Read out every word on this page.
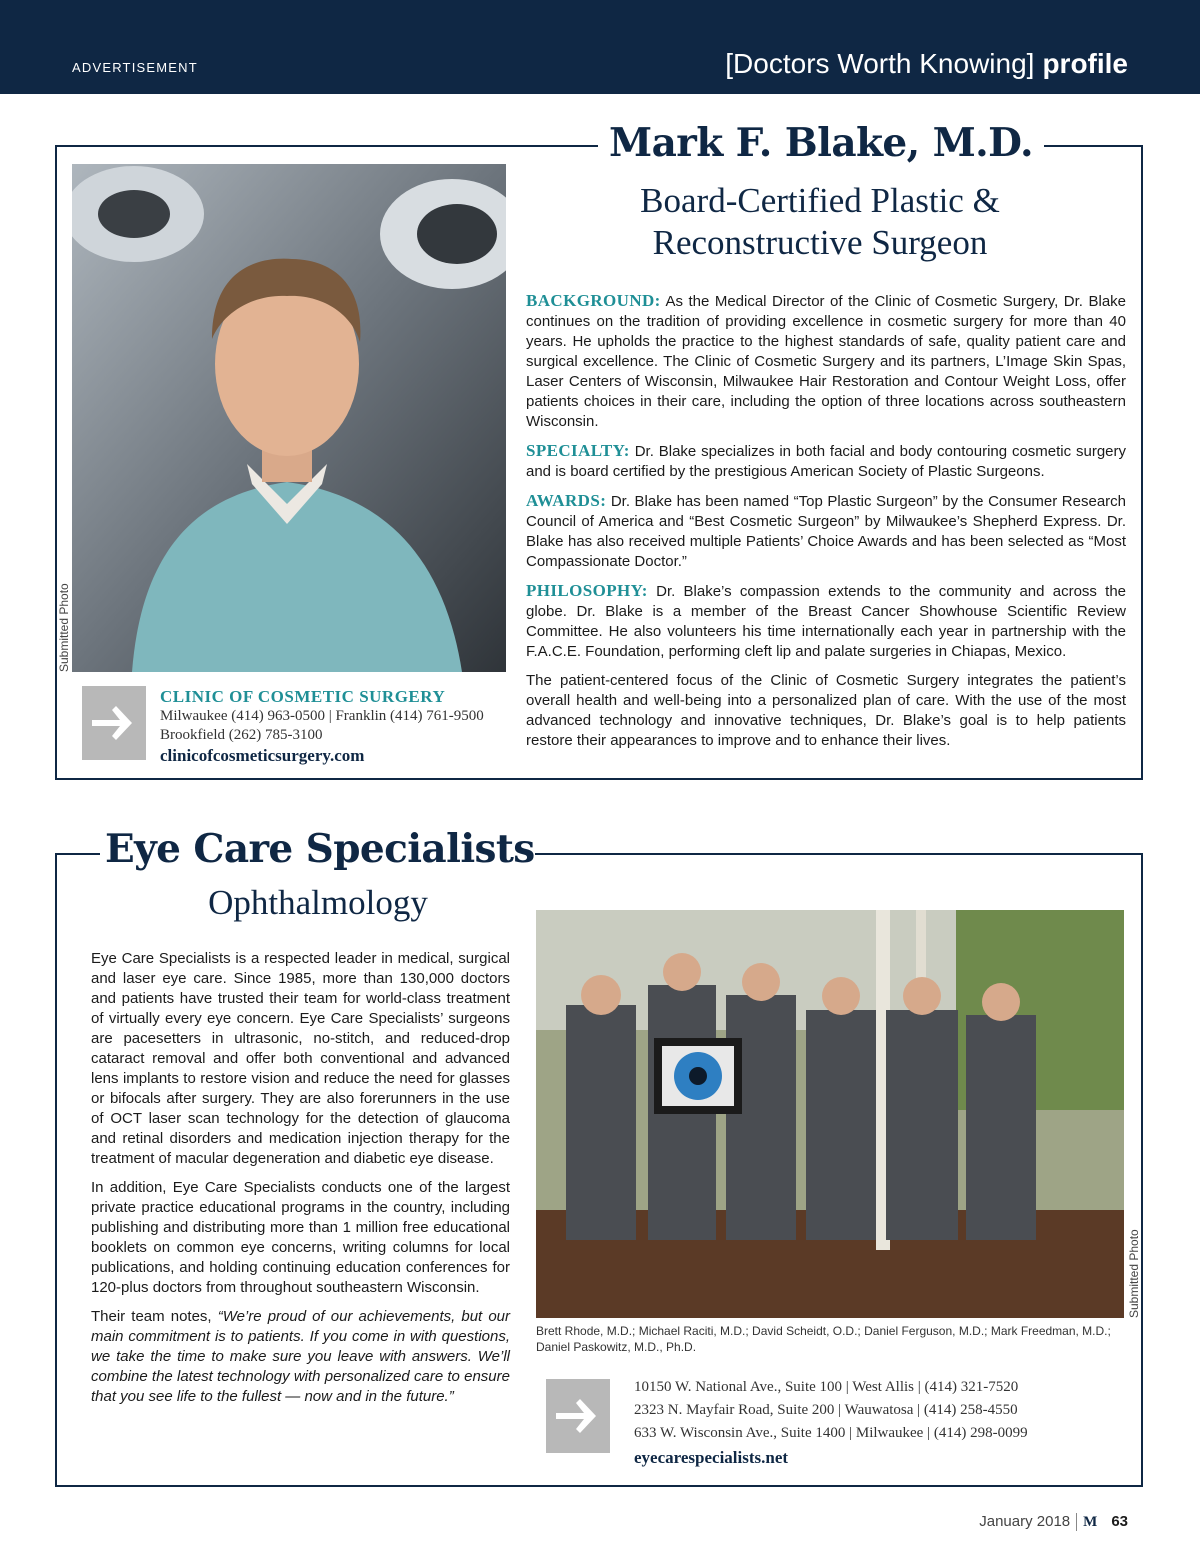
ADVERTISEMENT	[Doctors Worth Knowing] profile
Mark F. Blake, M.D.
Board-Certified Plastic &
Reconstructive Surgeon
Submitted Photo

BACKGROUND: As the Medical Director of the Clinic of Cosmetic Surgery, Dr. Blake continues on the tradition of providing excellence in cosmetic surgery for more than 40 years. He upholds the practice to the highest standards of safe, quality patient care and surgical excellence. The Clinic of Cosmetic Surgery and its partners, L’Image Skin Spas, Laser Centers of Wisconsin, Milwaukee Hair Restoration and Contour Weight Loss, offer patients choices in their care, including the option of three locations across southeastern Wisconsin.

SPECIALTY: Dr. Blake specializes in both facial and body contouring cosmetic surgery and is board certified by the prestigious American Society of Plastic Surgeons.

AWARDS: Dr. Blake has been named “Top Plastic Surgeon” by the Consumer Research Council of America and “Best Cosmetic Surgeon” by Milwaukee’s Shepherd Express. Dr. Blake has also received multiple Patients’ Choice Awards and has been selected as “Most Compassionate Doctor.”

PHILOSOPHY: Dr. Blake’s compassion extends to the community and across the globe. Dr. Blake is a member of the Breast Cancer Showhouse Scientific Review Committee. He also volunteers his time internationally each year in partnership with the F.A.C.E. Foundation, performing cleft lip and palate surgeries in Chiapas, Mexico.

The patient-centered focus of the Clinic of Cosmetic Surgery integrates the patient’s overall health and well-being into a personalized plan of care. With the use of the most advanced technology and innovative techniques, Dr. Blake’s goal is to help patients restore their appearances to improve and to enhance their lives.

CLINIC OF COSMETIC SURGERY
Milwaukee (414) 963-0500 | Franklin (414) 761-9500
Brookfield (262) 785-3100
clinicofcosmeticsurgery.com
Eye Care Specialists
Ophthalmology

Eye Care Specialists is a respected leader in medical, surgical and laser eye care. Since 1985, more than 130,000 doctors and patients have trusted their team for world-class treatment of virtually every eye concern. Eye Care Specialists’ surgeons are pacesetters in ultrasonic, no-stitch, and reduced-drop cataract removal and offer both conventional and advanced lens implants to restore vision and reduce the need for glasses or bifocals after surgery. They are also forerunners in the use of OCT laser scan technology for the detection of glaucoma and retinal disorders and medication injection therapy for the treatment of macular degeneration and diabetic eye disease.

In addition, Eye Care Specialists conducts one of the largest private practice educational programs in the country, including publishing and distributing more than 1 million free educational booklets on common eye concerns, writing columns for local publications, and holding continuing education conferences for 120-plus doctors from throughout southeastern Wisconsin.

Their team notes, “We’re proud of our achievements, but our main commitment is to patients. If you come in with questions, we take the time to make sure you leave with answers. We’ll combine the latest technology with personalized care to ensure that you see life to the fullest — now and in the future.”

Submitted Photo
Brett Rhode, M.D.; Michael Raciti, M.D.; David Scheidt, O.D.; Daniel Ferguson, M.D.; Mark Freedman, M.D.; Daniel Paskowitz, M.D., Ph.D.
10150 W. National Ave., Suite 100 | West Allis | (414) 321-7520
2323 N. Mayfair Road, Suite 200 | Wauwatosa | (414) 258-4550
633 W. Wisconsin Ave., Suite 1400 | Milwaukee | (414) 298-0099
eyecarespecialists.net
January 2018 M 63
